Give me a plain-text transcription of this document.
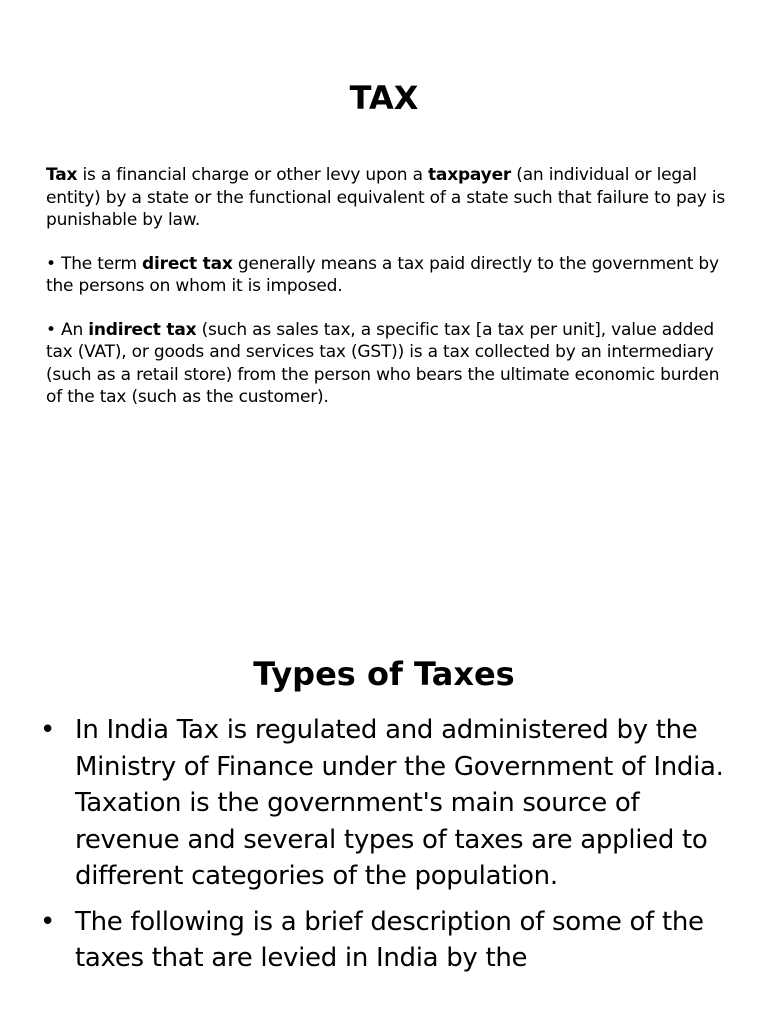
TAX

Tax is a financial charge or other levy upon a taxpayer (an individual or legal entity) by a state or the functional equivalent of a state such that failure to pay is punishable by law.

• The term direct tax generally means a tax paid directly to the government by the persons on whom it is imposed.

• An indirect tax (such as sales tax, a specific tax [a tax per unit], value added tax (VAT), or goods and services tax (GST)) is a tax collected by an intermediary (such as a retail store) from the person who bears the ultimate economic burden of the tax (such as the customer).

Types of Taxes
• In India Tax is regulated and administered by the Ministry of Finance under the Government of India. Taxation is the government's main source of revenue and several types of taxes are applied to different categories of the population.
• The following is a brief description of some of the taxes that are levied in India by the
